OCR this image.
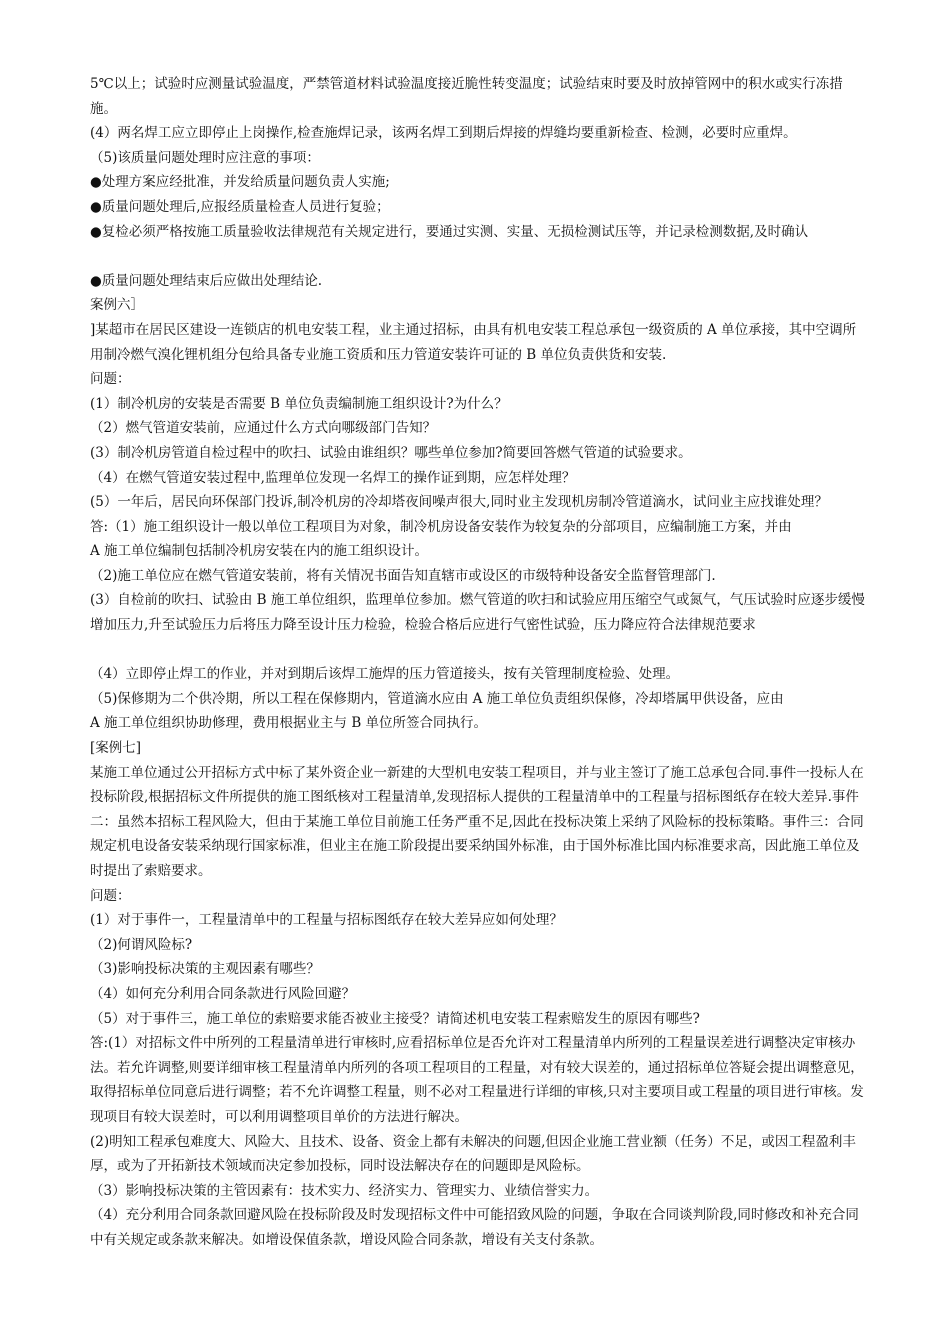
5℃以上；试验时应测量试验温度，严禁管道材料试验温度接近脆性转变温度；试验结束时要及时放掉管网中的积水或实行冻措施。

(4）两名焊工应立即停止上岗操作,检查施焊记录，该两名焊工到期后焊接的焊缝均要重新检查、检测，必要时应重焊。

（5)该质量问题处理时应注意的事项：

●处理方案应经批准，并发给质量问题负责人实施;

●质量问题处理后,应报经质量检查人员进行复验；

●复检必须严格按施工质量验收法律规范有关规定进行，要通过实测、实量、无损检测试压等，并记录检测数据,及时确认

●质量问题处理结束后应做出处理结论.

案例六］

]某超市在居民区建设一连锁店的机电安装工程，业主通过招标，由具有机电安装工程总承包一级资质的 A 单位承接，其中空调所用制冷燃气溴化锂机组分包给具备专业施工资质和压力管道安装许可证的 B 单位负责供货和安装.

问题：

(1）制冷机房的安装是否需要 B 单位负责编制施工组织设计?为什么？

（2）燃气管道安装前，应通过什么方式向哪级部门告知？

(3）制冷机房管道自检过程中的吹扫、试验由谁组织？哪些单位参加?简要回答燃气管道的试验要求。

（4）在燃气管道安装过程中,监理单位发现一名焊工的操作证到期，应怎样处理？

(5）一年后，居民向环保部门投诉,制冷机房的冷却塔夜间噪声很大,同时业主发现机房制冷管道滴水，试问业主应找谁处理？

答:（1）施工组织设计一般以单位工程项目为对象，制冷机房设备安装作为较复杂的分部项目，应编制施工方案，并由

A 施工单位编制包括制冷机房安装在内的施工组织设计。

（2)施工单位应在燃气管道安装前，将有关情况书面告知直辖市或设区的市级特种设备安全监督管理部门.

(3）自检前的吹扫、试验由 B 施工单位组织，监理单位参加。燃气管道的吹扫和试验应用压缩空气或氮气，气压试验时应逐步缓慢增加压力,升至试验压力后将压力降至设计压力检验，检验合格后应进行气密性试验，压力降应符合法律规范要求

（4）立即停止焊工的作业，并对到期后该焊工施焊的压力管道接头，按有关管理制度检验、处理。

（5)保修期为二个供冷期，所以工程在保修期内，管道滴水应由 A 施工单位负责组织保修，冷却塔属甲供设备，应由

A 施工单位组织协助修理，费用根据业主与 B 单位所签合同执行。

[案例七]

某施工单位通过公开招标方式中标了某外资企业一新建的大型机电安装工程项目，并与业主签订了施工总承包合同.事件一投标人在投标阶段,根据招标文件所提供的施工图纸核对工程量清单,发现招标人提供的工程量清单中的工程量与招标图纸存在较大差异.事件二：虽然本招标工程风险大，但由于某施工单位目前施工任务严重不足,因此在投标决策上采纳了风险标的投标策略。事件三：合同规定机电设备安装采纳现行国家标准，但业主在施工阶段提出要采纳国外标准，由于国外标准比国内标准要求高，因此施工单位及时提出了索赔要求。

问题：

(1）对于事件一，工程量清单中的工程量与招标图纸存在较大差异应如何处理？

（2)何谓风险标?

（3)影响投标决策的主观因素有哪些？

（4）如何充分利用合同条款进行风险回避？

（5）对于事件三，施工单位的索赔要求能否被业主接受？请简述机电安装工程索赔发生的原因有哪些?

答:(1）对招标文件中所列的工程量清单进行审核时,应看招标单位是否允许对工程量清单内所列的工程量误差进行调整决定审核办法。若允许调整,则要详细审核工程量清单内所列的各项工程项目的工程量，对有较大误差的，通过招标单位答疑会提出调整意见，取得招标单位同意后进行调整；若不允许调整工程量，则不必对工程量进行详细的审核,只对主要项目或工程量的项目进行审核。发现项目有较大误差时，可以利用调整项目单价的方法进行解决。

(2)明知工程承包难度大、风险大、且技术、设备、资金上都有未解决的问题,但因企业施工营业额（任务）不足，或因工程盈利丰厚，或为了开拓新技术领域而决定参加投标，同时设法解决存在的问题即是风险标。

（3）影响投标决策的主管因素有：技术实力、经济实力、管理实力、业绩信誉实力。

（4）充分利用合同条款回避风险在投标阶段及时发现招标文件中可能招致风险的问题，争取在合同谈判阶段,同时修改和补充合同中有关规定或条款来解决。如增设保值条款，增设风险合同条款，增设有关支付条款。
